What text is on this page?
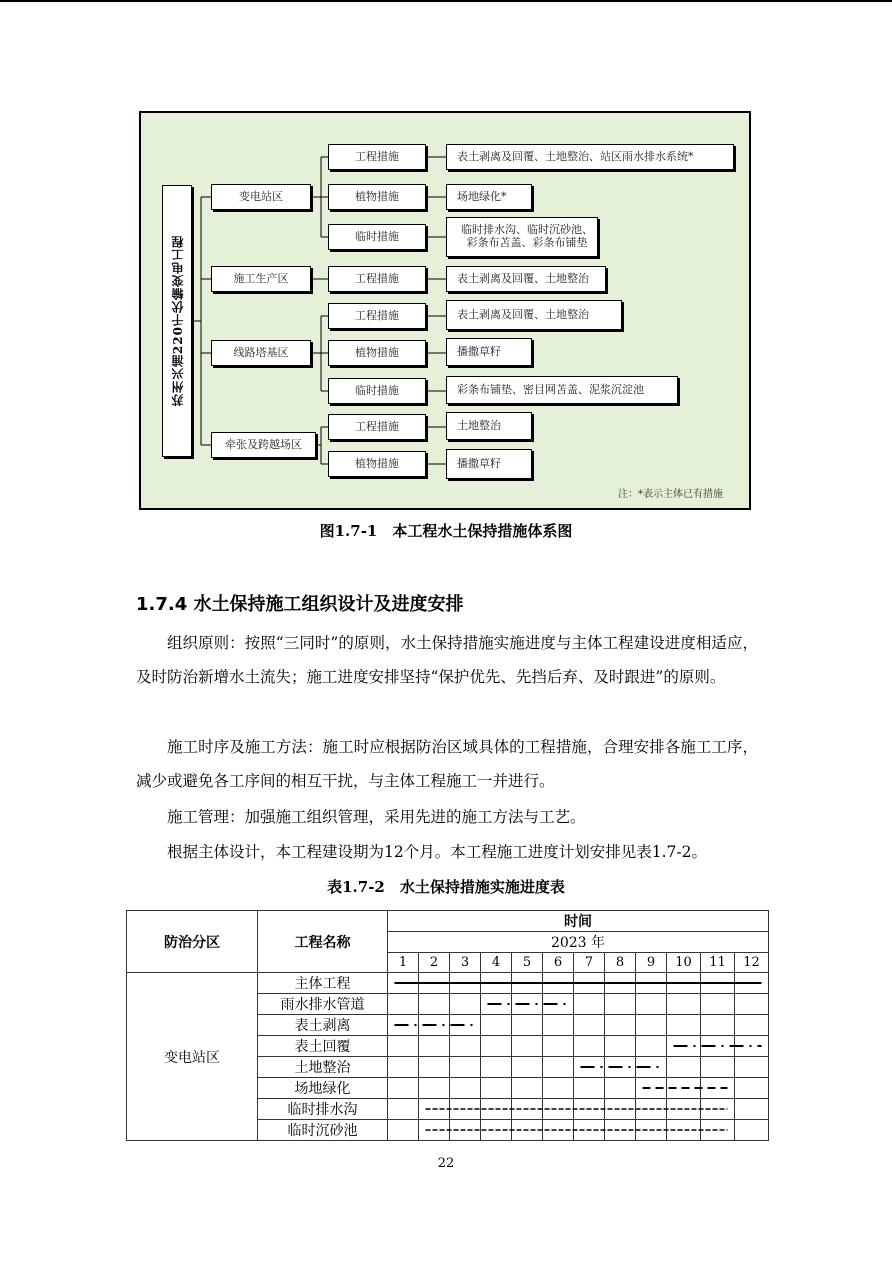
苏州兴浦220千伏输变电工程
变电站区
施工生产区
线路塔基区
牵张及跨越场区
工程措施
植物措施
临时措施
工程措施
工程措施
植物措施
临时措施
工程措施
植物措施
表土剥离及回覆、土地整治、站区雨水排水系统*
场地绿化*
临时排水沟、临时沉砂池、 彩条布苫盖、彩条布铺垫
表土剥离及回覆、土地整治
表土剥离及回覆、土地整治
播撒草籽
彩条布铺垫、密目网苫盖、泥浆沉淀池
土地整治
播撒草籽
注：*表示主体已有措施
图1.7-1　本工程水土保持措施体系图
1.7.4 水土保持施工组织设计及进度安排
组织原则：按照“三同时”的原则，水土保持措施实施进度与主体工程建设进度相适应，及时防治新增水土流失；施工进度安排坚持“保护优先、先挡后弃、及时跟进”的原则。
施工时序及施工方法：施工时应根据防治区域具体的工程措施，合理安排各施工工序，减少或避免各工序间的相互干扰，与主体工程施工一并进行。
施工管理：加强施工组织管理，采用先进的施工方法与工艺。
根据主体设计，本工程建设期为12个月。本工程施工进度计划安排见表1.7-2。
表1.7-2　水土保持措施实施进度表
防治分区	工程名称	时间											
		2023 年											
		1	2	3	4	5	6	7	8	9	10	11	12
变电站区	主体工程												
	雨水排水管道												
	表土剥离												
	表土回覆												
	土地整治												
	场地绿化												
	临时排水沟												
	临时沉砂池												
22
